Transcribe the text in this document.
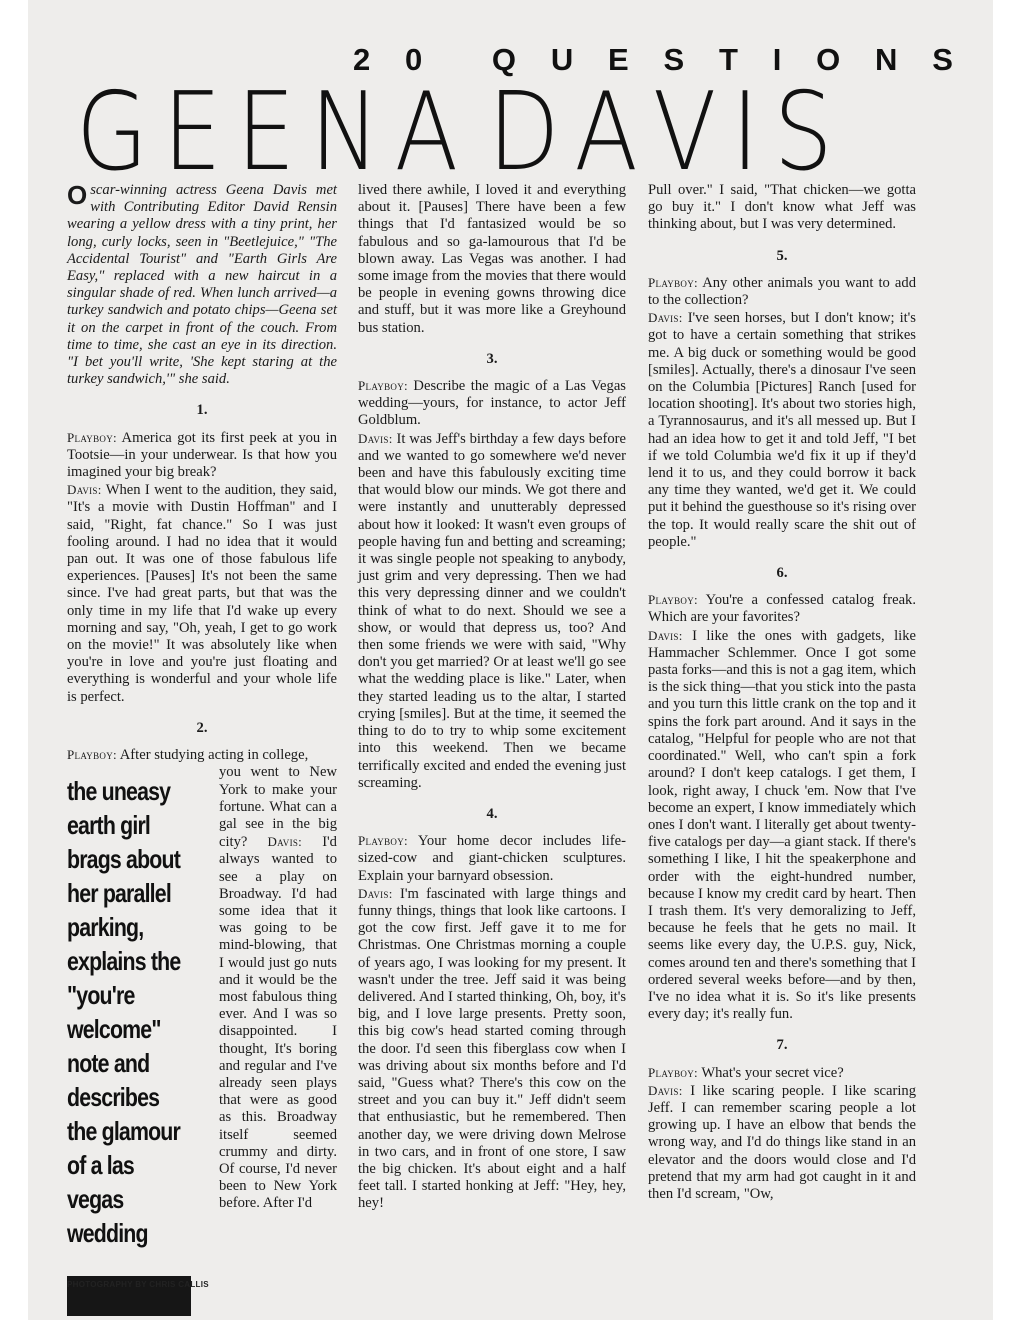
2 0 Q U E S T I O N S
G E E N A D A V I S

Oscar-winning actress Geena Davis met with Contributing Editor David Rensin wearing a yellow dress with a tiny print, her long, curly locks, seen in "Beetlejuice," "The Accidental Tourist" and "Earth Girls Are Easy," replaced with a new haircut in a singular shade of red. When lunch arrived—a turkey sandwich and potato chips—Geena set it on the carpet in front of the couch. From time to time, she cast an eye in its direction. "I bet you'll write, 'She kept staring at the turkey sandwich,'" she said.

1.

Playboy: America got its first peek at you in Tootsie—in your underwear. Is that how you imagined your big break?

Davis: When I went to the audition, they said, "It's a movie with Dustin Hoffman" and I said, "Right, fat chance." So I was just fooling around. I had no idea that it would pan out. It was one of those fabulous life experiences. [Pauses] It's not been the same since. I've had great parts, but that was the only time in my life that I'd wake up every morning and say, "Oh, yeah, I get to go work on the movie!" It was absolutely like when you're in love and you're just floating and everything is wonderful and your whole life is perfect.

2.

Playboy: After studying acting in college,

the uneasy earth girl brags about her parallel parking, explains the "you're welcome" note and describes the glamour of a las vegas wedding

you went to New York to make your fortune. What can a gal see in the big city? Davis: I'd always wanted to see a play on Broadway. I'd had some idea that it was going to be mind-blowing, that I would just go nuts and it would be the most fabulous thing ever. And I was so disappointed. I thought, It's boring and regular and I've already seen plays that were as good as this. Broadway itself seemed crummy and dirty. Of course, I'd never been to New York before. After I'd

lived there awhile, I loved it and everything about it. [Pauses] There have been a few things that I'd fantasized would be so fabulous and so ga-lamourous that I'd be blown away. Las Vegas was another. I had some image from the movies that there would be people in evening gowns throwing dice and stuff, but it was more like a Greyhound bus station.

3.

Playboy: Describe the magic of a Las Vegas wedding—yours, for instance, to actor Jeff Goldblum.

Davis: It was Jeff's birthday a few days before and we wanted to go somewhere we'd never been and have this fabulously exciting time that would blow our minds. We got there and were instantly and unutterably depressed about how it looked: It wasn't even groups of people having fun and betting and screaming; it was single people not speaking to anybody, just grim and very depressing. Then we had this very depressing dinner and we couldn't think of what to do next. Should we see a show, or would that depress us, too? And then some friends we were with said, "Why don't you get married? Or at least we'll go see what the wedding place is like." Later, when they started leading us to the altar, I started crying [smiles]. But at the time, it seemed the thing to do to try to whip some excitement into this weekend. Then we became terrifically excited and ended the evening just screaming.

4.

Playboy: Your home decor includes life-sized-cow and giant-chicken sculptures. Explain your barnyard obsession.

Davis: I'm fascinated with large things and funny things, things that look like cartoons. I got the cow first. Jeff gave it to me for Christmas. One Christmas morning a couple of years ago, I was looking for my present. It wasn't under the tree. Jeff said it was being delivered. And I started thinking, Oh, boy, it's big, and I love large presents. Pretty soon, this big cow's head started coming through the door. I'd seen this fiberglass cow when I was driving about six months before and I'd said, "Guess what? There's this cow on the street and you can buy it." Jeff didn't seem that enthusiastic, but he remembered. Then another day, we were driving down Melrose in two cars, and in front of one store, I saw the big chicken. It's about eight and a half feet tall. I started honking at Jeff: "Hey, hey, hey!

Pull over." I said, "That chicken—we gotta go buy it." I don't know what Jeff was thinking about, but I was very determined.

5.

Playboy: Any other animals you want to add to the collection?

Davis: I've seen horses, but I don't know; it's got to have a certain something that strikes me. A big duck or something would be good [smiles]. Actually, there's a dinosaur I've seen on the Columbia [Pictures] Ranch [used for location shooting]. It's about two stories high, a Tyrannosaurus, and it's all messed up. But I had an idea how to get it and told Jeff, "I bet if we told Columbia we'd fix it up if they'd lend it to us, and they could borrow it back any time they wanted, we'd get it. We could put it behind the guesthouse so it's rising over the top. It would really scare the shit out of people."

6.

Playboy: You're a confessed catalog freak. Which are your favorites?

Davis: I like the ones with gadgets, like Hammacher Schlemmer. Once I got some pasta forks—and this is not a gag item, which is the sick thing—that you stick into the pasta and you turn this little crank on the top and it spins the fork part around. And it says in the catalog, "Helpful for people who are not that coordinated." Well, who can't spin a fork around? I don't keep catalogs. I get them, I look, right away, I chuck 'em. Now that I've become an expert, I know immediately which ones I don't want. I literally get about twenty-five catalogs per day—a giant stack. If there's something I like, I hit the speakerphone and order with the eight-hundred number, because I know my credit card by heart. Then I trash them. It's very demoralizing to Jeff, because he feels that he gets no mail. It seems like every day, the U.P.S. guy, Nick, comes around ten and there's something that I ordered several weeks before—and by then, I've no idea what it is. So it's like presents every day; it's really fun.

7.

Playboy: What's your secret vice?

Davis: I like scaring people. I like scaring Jeff. I can remember scaring people a lot growing up. I have an elbow that bends the wrong way, and I'd do things like stand in an elevator and the doors would close and I'd pretend that my arm had got caught in it and then I'd scream, "Ow,

PHOTOGRAPHY BY CHRIS CALLIS
